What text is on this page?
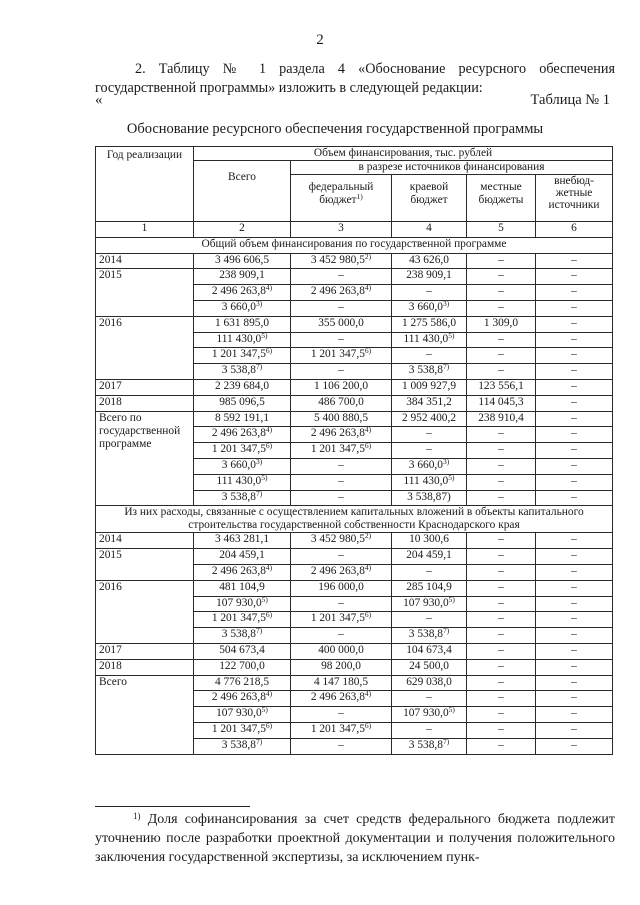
2
2. Таблицу № 1 раздела 4 «Обоснование ресурсного обеспечения государственной программы» изложить в следующей редакции:
«	Таблица № 1
Обоснование ресурсного обеспечения государственной программы
Год реализации	Объем финансирования, тыс. рублей				
	Всего	в разрезе источников финансирования			
		федеральный бюджет$^{1)}$	краевой бюджет	местные бюджеты	внебюд-жетные источники
1	2	3	4	5	6
Общий объем финансирования по государственной программе					
2014	3 496 606,5	3 452 980,5$^{2)}$	43 626,0	–	–
2015	238 909,1	–	238 909,1	–	–
	2 496 263,8$^{4)}$	2 496 263,8$^{4)}$	–	–	–
	3 660,0$^{3)}$	–	3 660,0$^{3)}$	–	–
2016	1 631 895,0	355 000,0	1 275 586,0	1 309,0	–
	111 430,0$^{5)}$	–	111 430,0$^{5)}$	–	–
	1 201 347,5$^{6)}$	1 201 347,5$^{6)}$	–	–	–
	3 538,8$^{7)}$	–	3 538,8$^{7)}$	–	–
2017	2 239 684,0	1 106 200,0	1 009 927,9	123 556,1	–
2018	985 096,5	486 700,0	384 351,2	114 045,3	–
Всего по государственной программе	8 592 191,1	5 400 880,5	2 952 400,2	238 910,4	–
	2 496 263,8$^{4)}$	2 496 263,8$^{4)}$	–	–	–
	1 201 347,5$^{6)}$	1 201 347,5$^{6)}$	–	–	–
	3 660,0$^{3)}$	–	3 660,0$^{3)}$	–	–
	111 430,0$^{5)}$	–	111 430,0$^{5)}$	–	–
	3 538,8$^{7)}$	–	3 538,87)	–	–
Из них расходы, связанные с осуществлением капитальных вложений в объекты капитального строительства государственной собственности Краснодарского края					
2014	3 463 281,1	3 452 980,5$^{2)}$	10 300,6	–	–
2015	204 459,1	–	204 459,1	–	–
	2 496 263,8$^{4)}$	2 496 263,8$^{4)}$	–	–	–
2016	481 104,9	196 000,0	285 104,9	–	–
	107 930,0$^{5)}$	–	107 930,0$^{5)}$	–	–
	1 201 347,5$^{6)}$	1 201 347,5$^{6)}$	–	–	–
	3 538,8$^{7)}$	–	3 538,8$^{7)}$	–	–
2017	504 673,4	400 000,0	104 673,4	–	–
2018	122 700,0	98 200,0	24 500,0	–	–
Всего	4 776 218,5	4 147 180,5	629 038,0	–	–
	2 496 263,8$^{4)}$	2 496 263,8$^{4)}$	–	–	–
	107 930,0$^{5)}$	–	107 930,0$^{5)}$	–	–
	1 201 347,5$^{6)}$	1 201 347,5$^{6)}$	–	–	–
	3 538,8$^{7)}$	–	3 538,8$^{7)}$	–	–
$^{1)}$ Доля софинансирования за счет средств федерального бюджета подлежит уточнению после разработки проектной документации и получения положительного заключения государственной экспертизы, за исключением пунк-
